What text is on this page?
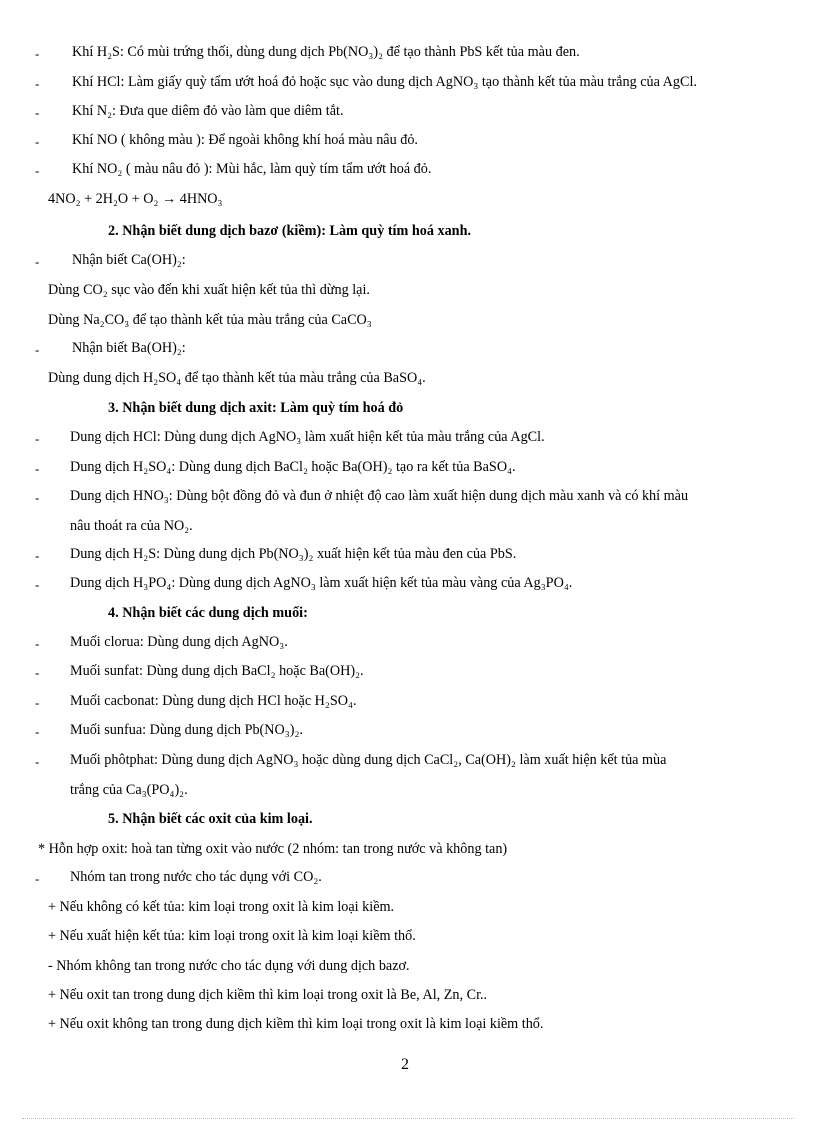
- Khí H₂S: Có mùi trứng thối, dùng dung dịch Pb(NO₃)₂ để tạo thành PbS kết tủa màu đen.
- Khí HCl: Làm giấy quỳ tẩm ướt hoá đỏ hoặc sục vào dung dịch AgNO₃ tạo thành kết tủa màu trắng của AgCl.
- Khí N₂: Đưa que diêm đỏ vào làm que diêm tắt.
- Khí NO ( không màu ): Để ngoài không khí hoá màu nâu đỏ.
- Khí NO₂ ( màu nâu đỏ ): Mùi hắc, làm quỳ tím tẩm ướt hoá đỏ.
4NO₂ + 2H₂O + O₂ → 4HNO₃
2. Nhận biết dung dịch bazơ (kiềm): Làm quỳ tím hoá xanh.
- Nhận biết Ca(OH)₂:
Dùng CO₂ sục vào đến khi xuất hiện kết tủa thì dừng lại.
Dùng Na₂CO₃ để tạo thành kết tủa màu trắng của CaCO₃
- Nhận biết Ba(OH)₂:
Dùng dung dịch H₂SO₄ để tạo thành kết tủa màu trắng của BaSO₄.
3. Nhận biết dung dịch axit: Làm quỳ tím hoá đỏ
- Dung dịch HCl: Dùng dung dịch AgNO₃ làm xuất hiện kết tủa màu trắng của AgCl.
- Dung dịch H₂SO₄: Dùng dung dịch BaCl₂ hoặc Ba(OH)₂ tạo ra kết tủa BaSO₄.
- Dung dịch HNO₃: Dùng bột đồng đỏ và đun ở nhiệt độ cao làm xuất hiện dung dịch màu xanh và có khí màu
nâu thoát ra của NO₂.
- Dung dịch H₂S: Dùng dung dịch Pb(NO₃)₂ xuất hiện kết tủa màu đen của PbS.
- Dung dịch H₃PO₄: Dùng dung dịch AgNO₃ làm xuất hiện kết tủa màu vàng của Ag₃PO₄.
4. Nhận biết các dung dịch muối:
- Muối clorua: Dùng dung dịch AgNO₃.
- Muối sunfat: Dùng dung dịch BaCl₂ hoặc Ba(OH)₂.
- Muối cacbonat: Dùng dung dịch HCl hoặc H₂SO₄.
- Muối sunfua: Dùng dung dịch Pb(NO₃)₂.
- Muối phôtphat: Dùng dung dịch AgNO₃ hoặc dùng dung dịch CaCl₂, Ca(OH)₂ làm xuất hiện kết tủa mùa
trắng của Ca₃(PO₄)₂.
5. Nhận biết các oxit của kim loại.
* Hỗn hợp oxit: hoà tan từng oxit vào nước (2 nhóm: tan trong nước và không tan)
- Nhóm tan trong nước cho tác dụng với CO₂.
+ Nếu không có kết tủa: kim loại trong oxit là kim loại kiềm.
+ Nếu xuất hiện kết tủa: kim loại trong oxit là kim loại kiềm thổ.
- Nhóm không tan trong nước cho tác dụng với dung dịch bazơ.
+ Nếu oxit tan trong dung dịch kiềm thì kim loại trong oxit là Be, Al, Zn, Cr..
+ Nếu oxit không tan trong dung dịch kiềm thì kim loại trong oxit là kim loại kiềm thổ.
2
